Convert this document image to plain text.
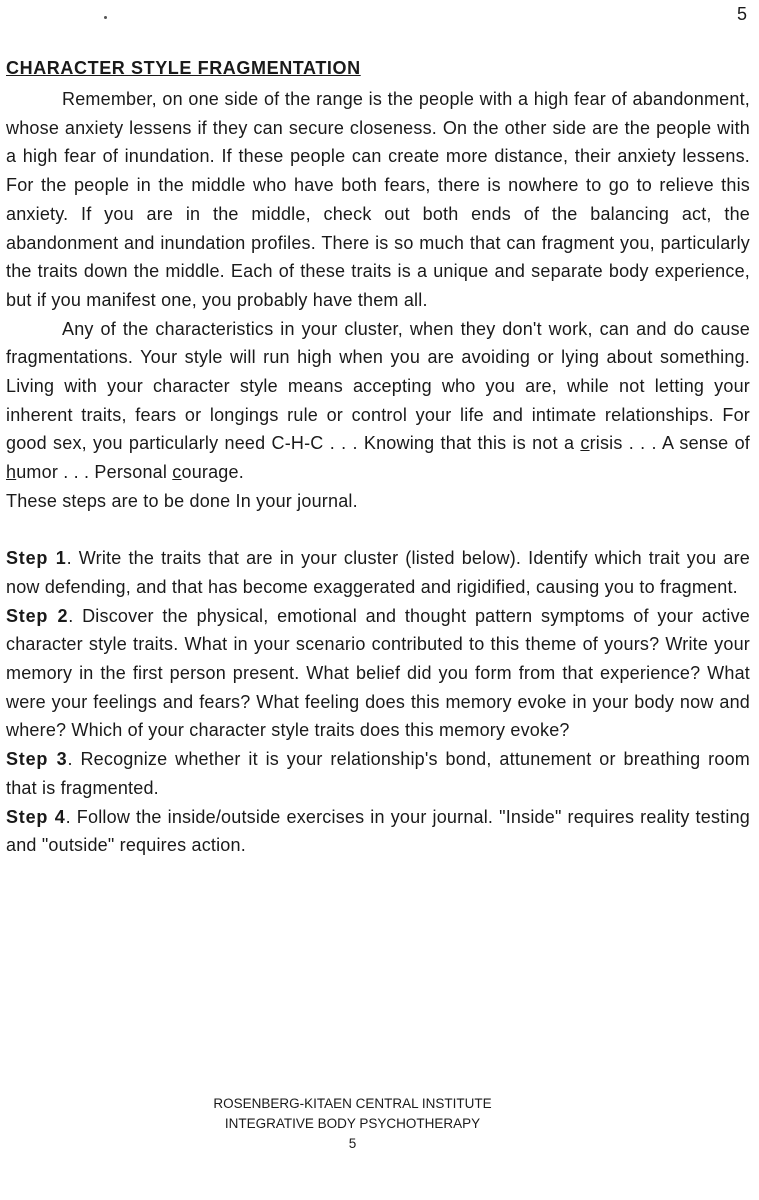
5
CHARACTER STYLE FRAGMENTATION

Remember, on one side of the range is the people with a high fear of abandonment, whose anxiety lessens if they can secure closeness. On the other side are the people with a high fear of inundation. If these people can create more distance, their anxiety lessens. For the people in the middle who have both fears, there is nowhere to go to relieve this anxiety. If you are in the middle, check out both ends of the balancing act, the abandonment and inundation profiles. There is so much that can fragment you, particularly the traits down the middle. Each of these traits is a unique and separate body experience, but if you manifest one, you probably have them all.

Any of the characteristics in your cluster, when they don't work, can and do cause fragmentations. Your style will run high when you are avoiding or lying about something. Living with your character style means accepting who you are, while not letting your inherent traits, fears or longings rule or control your life and intimate relationships. For good sex, you particularly need C-H-C . . . Knowing that this is not a crisis . . . A sense of humor . . . Personal courage.

These steps are to be done In your journal.

Step 1. Write the traits that are in your cluster (listed below). Identify which trait you are now defending, and that has become exaggerated and rigidified, causing you to fragment.

Step 2. Discover the physical, emotional and thought pattern symptoms of your active character style traits. What in your scenario contributed to this theme of yours? Write your memory in the first person present. What belief did you form from that experience? What were your feelings and fears? What feeling does this memory evoke in your body now and where? Which of your character style traits does this memory evoke?

Step 3. Recognize whether it is your relationship's bond, attunement or breathing room that is fragmented.

Step 4. Follow the inside/outside exercises in your journal. "Inside" requires reality testing and "outside" requires action.

ROSENBERG-KITAEN CENTRAL INSTITUTE
INTEGRATIVE BODY PSYCHOTHERAPY
5
